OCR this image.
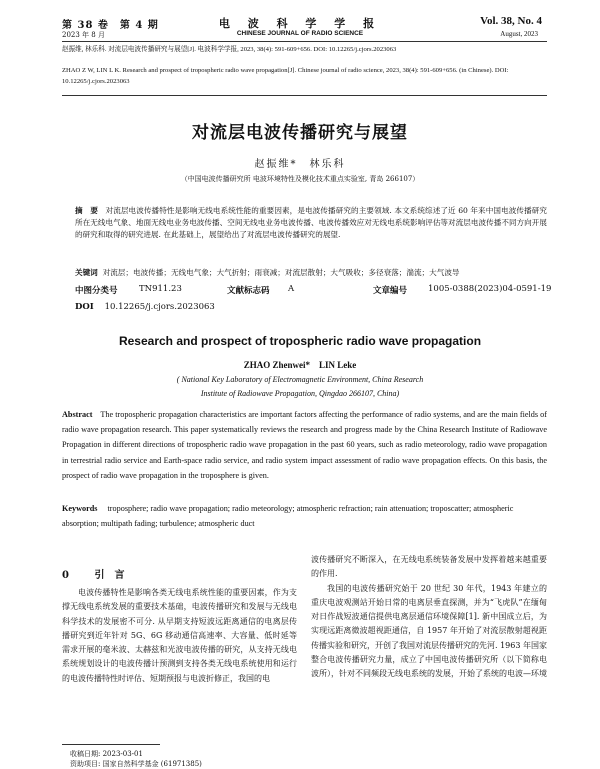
第 38 卷　第 4 期
2023 年 8 月
电 波 科 学 学 报
CHINESE JOURNAL OF RADIO SCIENCE
Vol. 38, No. 4
August, 2023
赵振维, 林乐科. 对流层电波传播研究与展望[J]. 电波科学学报, 2023, 38(4): 591-609+656. DOI: 10.12265/j.cjors.2023063
ZHAO Z W, LIN L K. Research and prospect of tropospheric radio wave propagation[J]. Chinese journal of radio science, 2023, 38(4): 591-609+656. (in Chinese). DOI: 10.12265/j.cjors.2023063
对流层电波传播研究与展望
赵振维*　林乐科
（中国电波传播研究所 电波环境特性及模化技术重点实验室, 青岛 266107）
摘　要 对流层电波传播特性是影响无线电系统性能的重要因素，是电波传播研究的主要领域. 本文系统综述了近 60 年来中国电波传播研究所在无线电气象、地面无线电业务电波传播、空间无线电业务电波传播、电波传播效应对无线电系统影响评估等对流层电波传播不同方向开展的研究和取得的研究进展. 在此基础上，展望给出了对流层电波传播研究的展望.
关键词 对流层；电波传播；无线电气象；大气折射；雨衰减；对流层散射；大气吸收；多径衰落；湍流；大气波导
中图分类号	TN911.23	文献标志码 A	文章编号 1005-0388(2023)04-0591-19
DOI 10.12265/j.cjors.2023063
Research and prospect of tropospheric radio wave propagation
ZHAO Zhenwei*　LIN Leke
( National Key Laboratory of Electromagnetic Environment, China Research
Institute of Radiowave Propagation, Qingdao 266107, China)
Abstract The tropospheric propagation characteristics are important factors affecting the performance of radio systems, and are the main fields of radio wave propagation research. This paper systematically reviews the research and progress made by the China Research Institute of Radiowave Propagation in different directions of tropospheric radio wave propagation in the past 60 years, such as radio meteorology, radio wave propagation in terrestrial radio service and Earth-space radio service, and radio system impact assessment of radio wave propagation effects. On this basis, the prospect of radio wave propagation in the troposphere is given.
Keywords troposphere; radio wave propagation; radio meteorology; atmospheric refraction; rain attenuation; troposcatter; atmospheric absorption; multipath fading; turbulence; atmospheric duct
0	引　言

电波传播特性是影响各类无线电系统性能的重要因素，作为支撑无线电系统发展的重要技术基础，电波传播研究和发展与无线电科学技术的发展密不可分. 从早期支持短波远距离通信的电离层传播研究到近年针对 5G、6G 移动通信高速率、大容量、低时延等需求开展的毫米波、太赫兹和光波电波传播的研究，从支持无线电系统规划设计的电波传播计预测到支持各类无线电系统使用和运行的电波传播特性时评估、短期预报与电波折修正，我国的电

波传播研究不断深入，在无线电系统装备发展中发挥着越来越重要的作用.

我国的电波传播研究始于 20 世纪 30 年代，1943 年建立的重庆电波观测站开始日常的电离层垂直探测，并为“飞虎队”在缅甸对日作战短波通信提供电离层通信环境保障[1]. 新中国成立后，为实现远距离微波超视距通信，自 1957 年开始了对流层散射超视距传播实验和研究，开创了我国对流层传播研究的先河. 1963 年国家整合电波传播研究力量，成立了中国电波传播研究所（以下简称电波所），针对不同频段无线电系统的发展，开始了系统的电波—环境

收稿日期: 2023-03-01
资助项目: 国家自然科学基金 (61971385)
